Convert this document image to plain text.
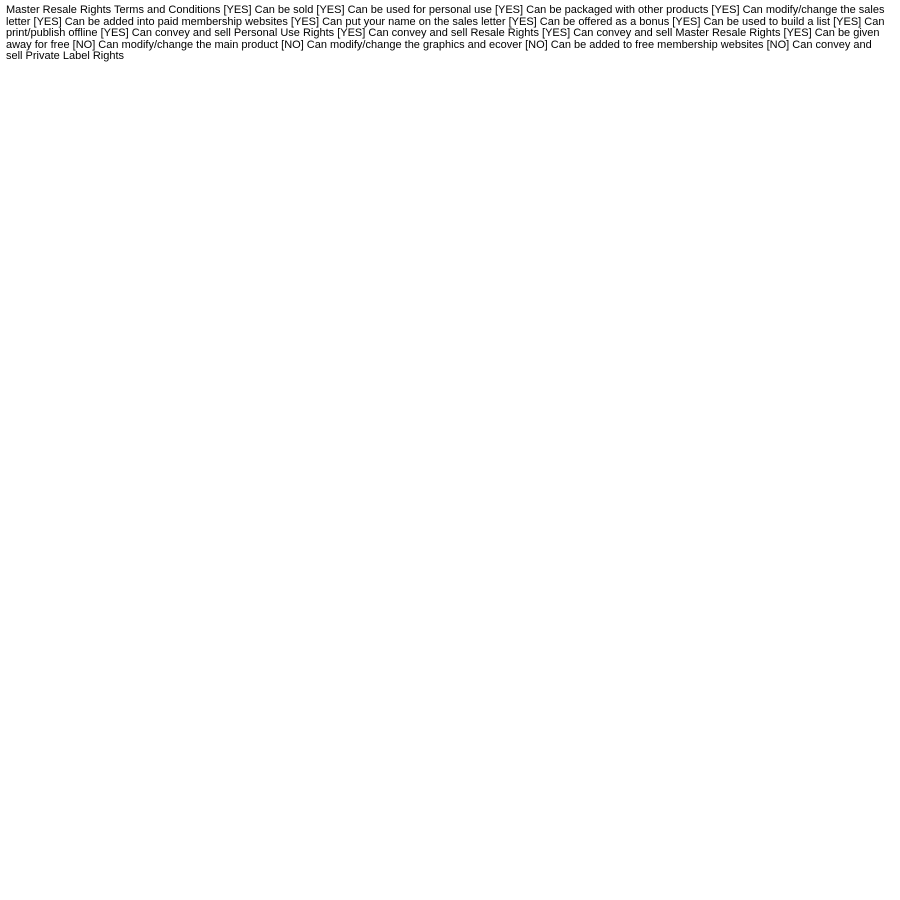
Master Resale Rights Terms and Conditions [YES] Can be sold [YES] Can be used for personal use [YES] Can be packaged with other products [YES] Can modify/change the sales letter [YES] Can be added into paid membership websites [YES] Can put your name on the sales letter [YES] Can be offered as a bonus [YES] Can be used to build a list [YES] Can print/publish offline [YES] Can convey and sell Personal Use Rights [YES] Can convey and sell Resale Rights [YES] Can convey and sell Master Resale Rights [YES] Can be given away for free [NO] Can modify/change the main product [NO] Can modify/change the graphics and ecover [NO] Can be added to free membership websites [NO] Can convey and sell Private Label Rights
